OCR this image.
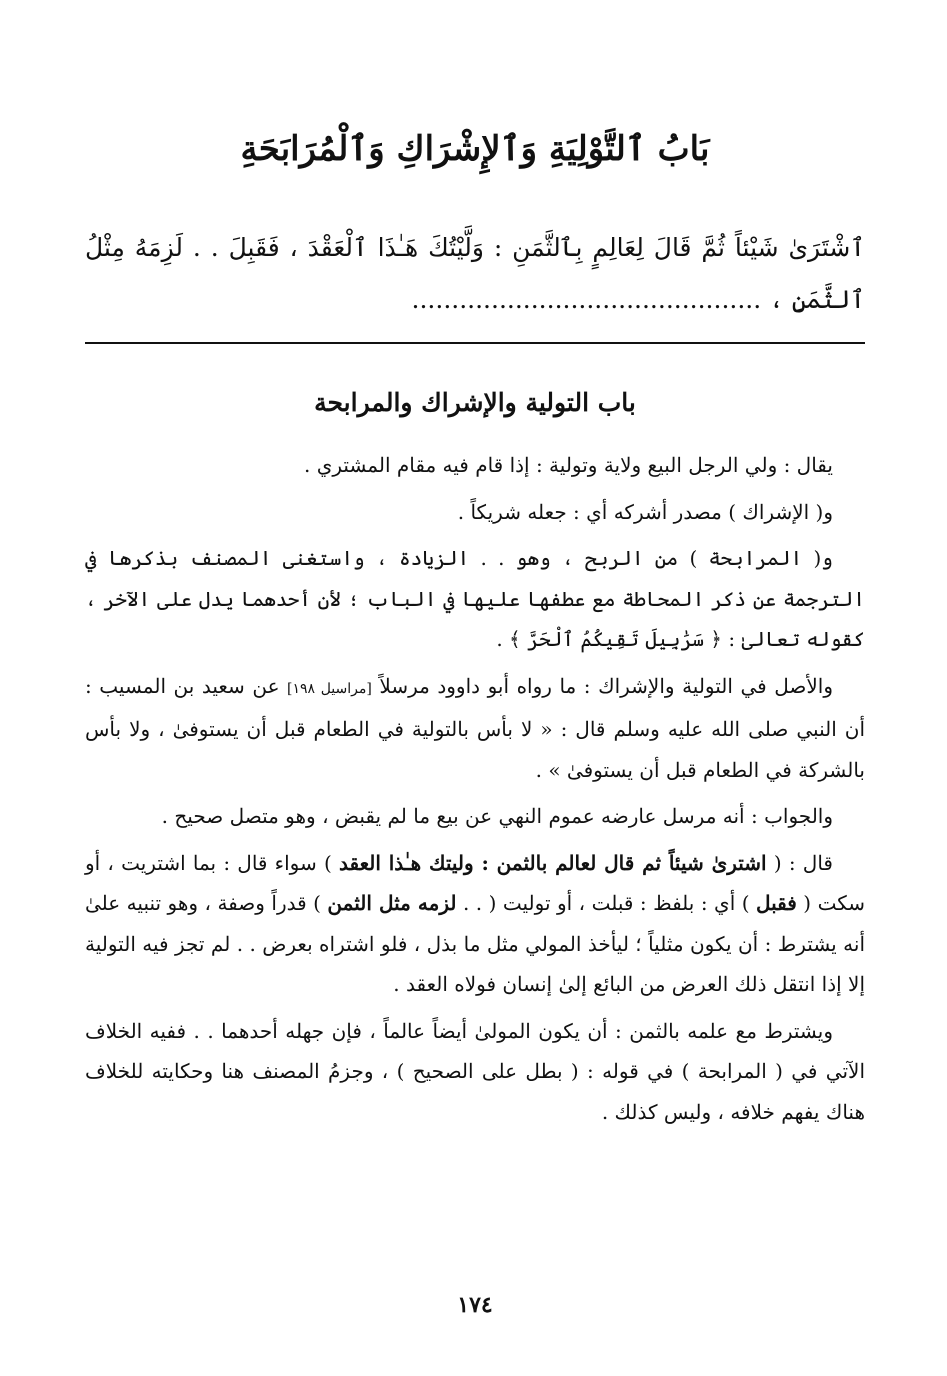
بَابُ ٱلتَّوْلِيَةِ وَٱلإِشْرَاكِ وَٱلْمُرَابَحَةِ
ٱشْتَرَىٰ شَيْئاً ثُمَّ قَالَ لِعَالِمٍ بِٱلثَّمَنِ : وَلَّيْتُكَ هَـٰذَا ٱلْعَقْدَ ، فَقَبِلَ . . لَزِمَهُ مِثْلُ
ٱلثَّمَنِ ، ............................................
باب التولية والإشراك والمرابحة

يقال : ولي الرجل البيع ولاية وتولية : إذا قام فيه مقام المشتري .

و( الإشراك ) مصدر أشركه أي : جعله شريكاً .

و( المرابحة ) من الربح ، وهو . . الزيادة ، واستغنى المصنف بذكرها في الترجمة عن ذكر المحاطة مع عطفها عليها في الباب ؛ لأن أحدهما يدل على الآخر ، كقوله تعالىٰ : ﴿ سَرَٰبِيلَ تَقِيكُمُ ٱلْحَرَّ ﴾ .

والأصل في التولية والإشراك : ما رواه أبو داوود مرسلاً [مراسيل ١٩٨] عن سعيد بن المسيب : أن النبي صلى الله عليه وسلم قال : « لا بأس بالتولية في الطعام قبل أن يستوفىٰ ، ولا بأس بالشركة في الطعام قبل أن يستوفىٰ » .

والجواب : أنه مرسل عارضه عموم النهي عن بيع ما لم يقبض ، وهو متصل صحيح .

قال : ( اشترىٰ شيئاً ثم قال لعالم بالثمن : وليتك هـٰذا العقد ) سواء قال : بما اشتريت ، أو سكت ( فقبل ) أي : بلفظ : قبلت ، أو توليت ( . . لزمه مثل الثمن ) قدراً وصفة ، وهو تنبيه علىٰ أنه يشترط : أن يكون مثلياً ؛ ليأخذ المولي مثل ما بذل ، فلو اشتراه بعرض . . لم تجز فيه التولية إلا إذا انتقل ذلك العرض من البائع إلىٰ إنسان فولاه العقد .

ويشترط مع علمه بالثمن : أن يكون المولىٰ أيضاً عالماً ، فإن جهله أحدهما . . ففيه الخلاف الآتي في ( المرابحة ) في قوله : ( بطل على الصحيح ) ، وجزمُ المصنف هنا وحكايته للخلاف هناك يفهم خلافه ، وليس كذلك .

١٧٤
